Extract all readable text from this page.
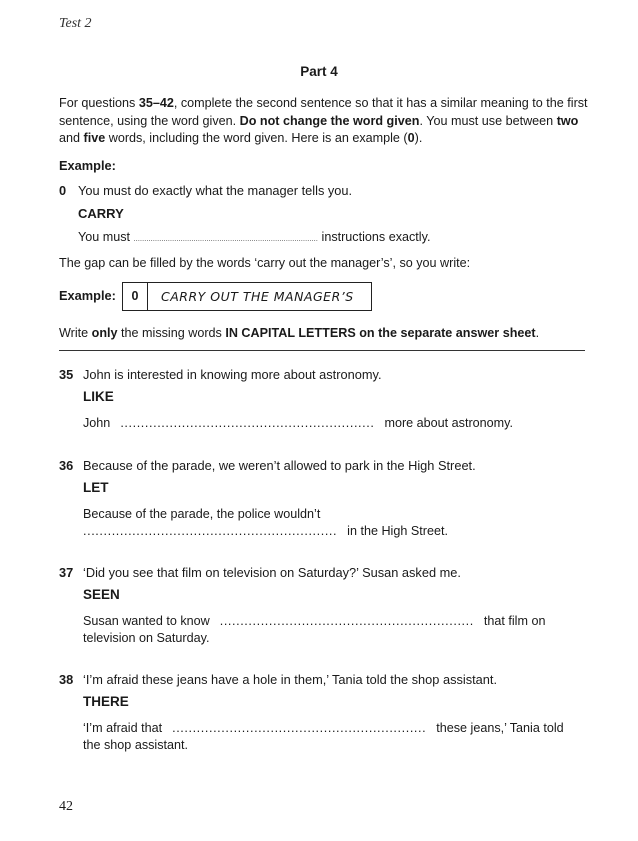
Test 2
Part 4

For questions 35–42, complete the second sentence so that it has a similar meaning to the first sentence, using the word given. Do not change the word given. You must use between two and five words, including the word given. Here is an example (0).

Example:
0 You must do exactly what the manager tells you.
CARRY
You must ...................................................................................... instructions exactly.
The gap can be filled by the words ‘carry out the manager’s’, so you write:
Example:	0	CARRY OUT THE MANAGER’S
Write only the missing words IN CAPITAL LETTERS on the separate answer sheet.
35 John is interested in knowing more about astronomy.
LIKE

John .............................................................. more about astronomy.

36 Because of the parade, we weren’t allowed to park in the High Street.
LET

Because of the parade, the police wouldn’t.............................................................. in the High Street.

37 ‘Did you see that film on television on Saturday?’ Susan asked me.
SEEN

Susan wanted to know .............................................................. that film on television on Saturday.

38 ‘I’m afraid these jeans have a hole in them,’ Tania told the shop assistant.
THERE

‘I’m afraid that .............................................................. these jeans,’ Tania told the shop assistant.

42
